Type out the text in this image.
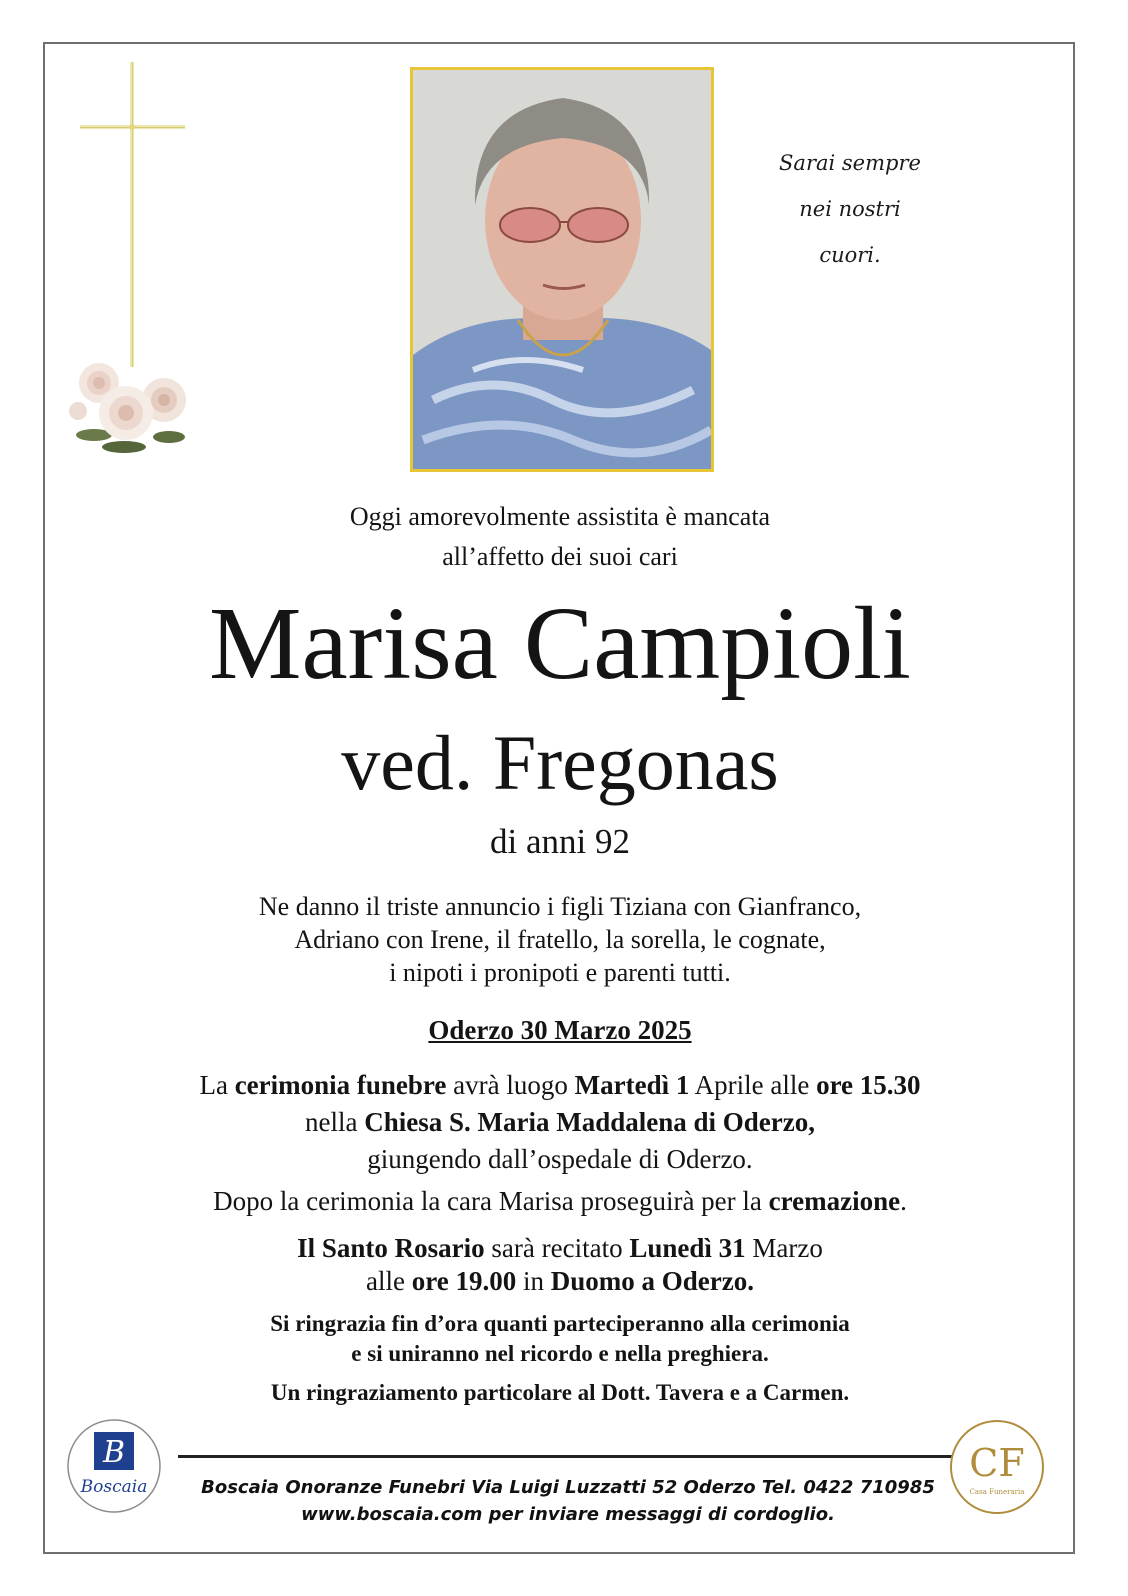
Sarai sempre
nei nostri
cuori.
Oggi amorevolmente assistita è mancata
all’affetto dei suoi cari
Marisa Campioli
ved. Fregonas
di anni 92
Ne danno il triste annuncio i figli Tiziana con Gianfranco,
Adriano con Irene, il fratello, la sorella, le cognate,
i nipoti i pronipoti e parenti tutti.
Oderzo 30 Marzo 2025
La cerimonia funebre avrà luogo Martedì 1 Aprile alle ore 15.30
nella Chiesa S. Maria Maddalena di Oderzo,
giungendo dall’ospedale di Oderzo.
Dopo la cerimonia la cara Marisa proseguirà per la cremazione.
Il Santo Rosario sarà recitato Lunedì 31 Marzo
alle ore 19.00 in Duomo a Oderzo.
Si ringrazia fin d’ora quanti parteciperanno alla cerimonia
e si uniranno nel ricordo e nella preghiera.
Un ringraziamento particolare al Dott. Tavera e a Carmen.
B
Boscaia	Boscaia Onoranze Funebri Via Luigi Luzzatti 52 Oderzo Tel. 0422 710985
www.boscaia.com per inviare messaggi di cordoglio.
CF
Casa Funeraria
